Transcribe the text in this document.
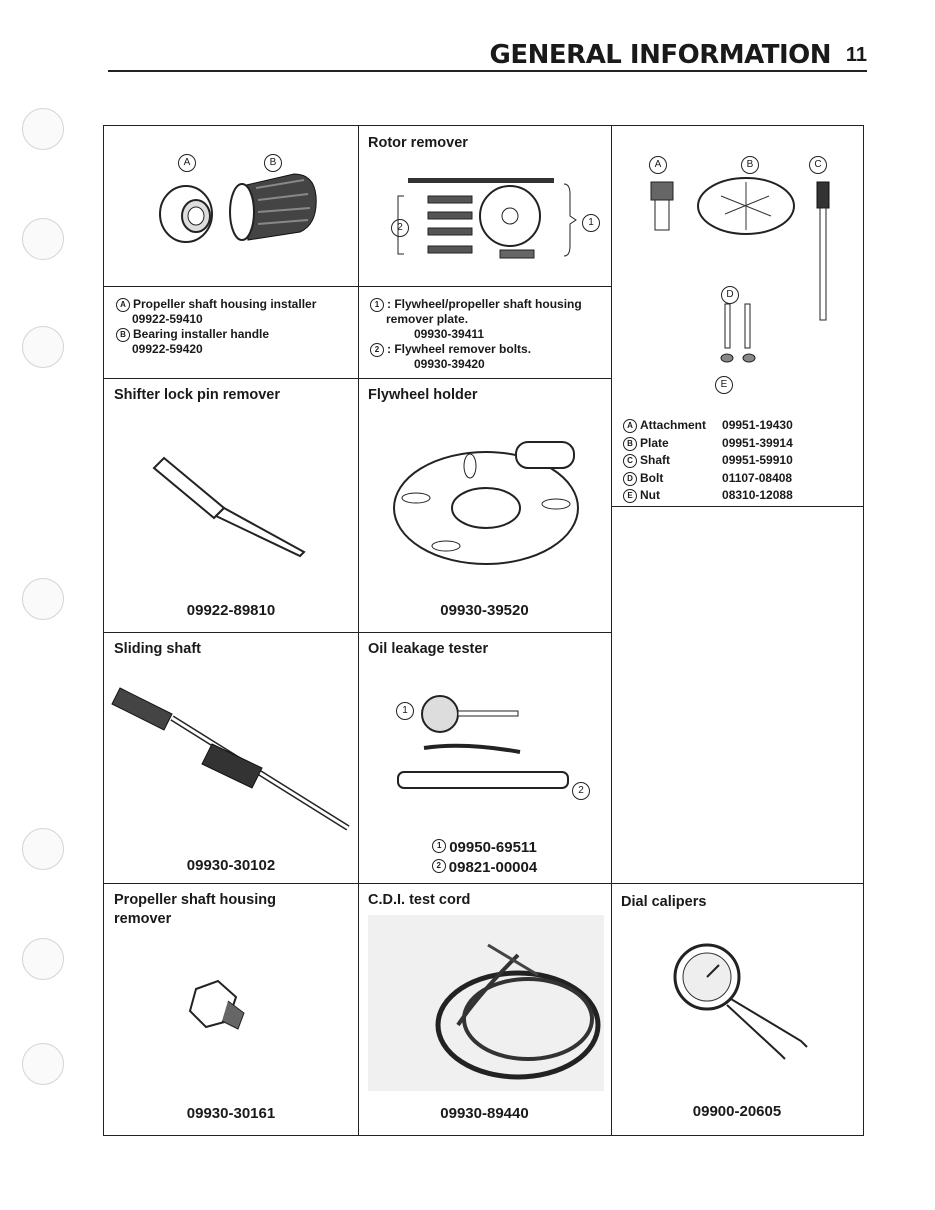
GENERAL INFORMATION 11
A	B
A Propeller shaft housing installer
09922-59410
B Bearing installer handle
09922-59420
Rotor remover
2	1
1 : Flywheel/propeller shaft housing
remover plate.
09930-39411
2 : Flywheel remover bolts.
09930-39420
A	B	C
D
E
A Attachment	09951-19430

B Plate	09951-39914

C Shaft	09951-59910

D Bolt	01107-08408

E Nut	08310-12088
Shifter lock pin remover
09922-89810
Flywheel holder
09930-39520
Sliding shaft
09930-30102
Oil leakage tester
1
2
1 09950-69511
2 09821-00004
Propeller shaft housing
remover
09930-30161
C.D.I. test cord
09930-89440
Dial calipers
09900-20605
